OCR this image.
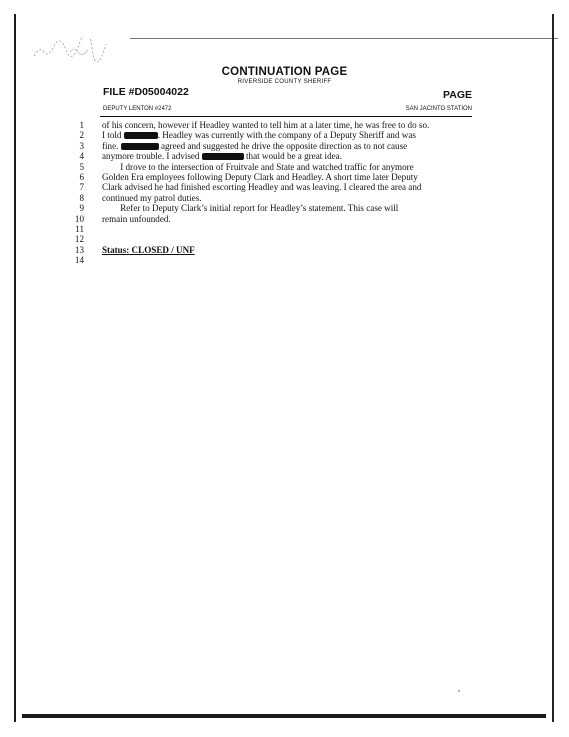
CONTINUATION PAGE
RIVERSIDE COUNTY SHERIFF
FILE #D05004022	PAGE
DEPUTY LENTON #2472	SAN JACINTO STATION
1 of his concern, however if Headley wanted to tell him at a later time, he was free to do so.
2 I told	. Headley was currently with the company of a Deputy Sheriff and was
3 fine.	agreed and suggested he drive the opposite direction as to not cause
4 anymore trouble. I advised	that would be a great idea.
5 I drove to the intersection of Fruitvale and State and watched traffic for anymore
6 Golden Era employees following Deputy Clark and Headley. A short time later Deputy
7 Clark advised he had finished escorting Headley and was leaving. I cleared the area and
8 continued my patrol duties.
9 Refer to Deputy Clark’s initial report for Headley’s statement. This case will
10 remain unfounded.
11
12
13 Status: CLOSED / UNF
14
